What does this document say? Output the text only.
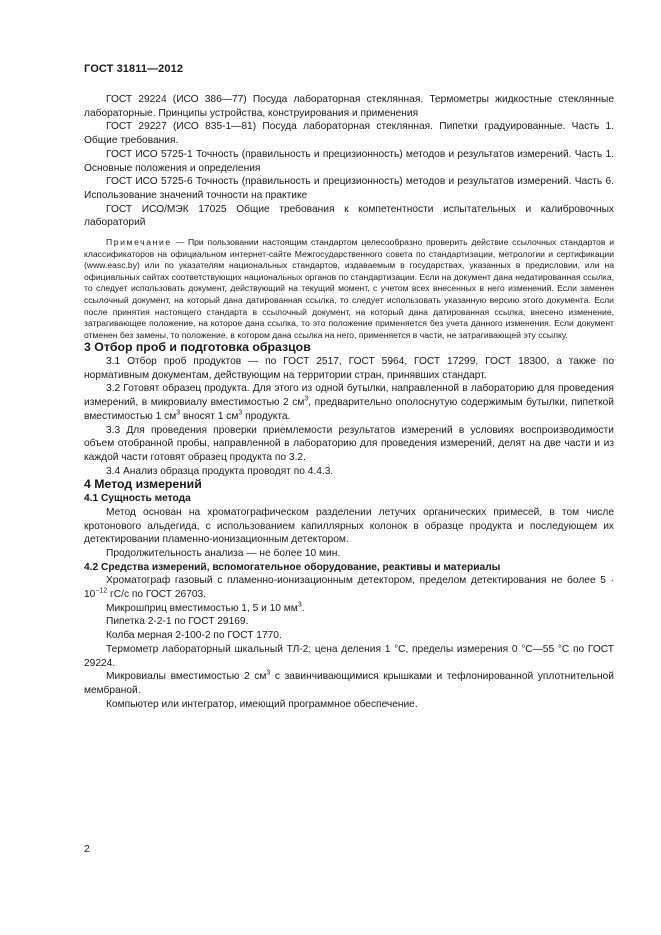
ГОСТ 31811—2012

ГОСТ 29224 (ИСО 386—77) Посуда лабораторная стеклянная. Термометры жидкостные стеклянные лабораторные. Принципы устройства, конструирования и применения

ГОСТ 29227 (ИСО 835-1—81) Посуда лабораторная стеклянная. Пипетки градуированные. Часть 1. Общие требования.

ГОСТ ИСО 5725-1 Точность (правильность и прецизионность) методов и результатов измерений. Часть 1. Основные положения и определения

ГОСТ ИСО 5725-6 Точность (правильность и прецизионность) методов и результатов измерений. Часть 6. Использование значений точности на практике

ГОСТ ИСО/МЭК 17025 Общие требования к компетентности испытательных и калибровочных лабораторий

Примечание — При пользовании настоящим стандартом целесообразно проверить действие ссылочных стандартов и классификаторов на официальном интернет-сайте Межгосударственного совета по стандартизации, метрологии и сертификации (www.easc.by) или по указателям национальных стандартов, издаваемым в государствах, указанных в предисловии, или на официальных сайтах соответствующих национальных органов по стандартизации. Если на документ дана недатированная ссылка, то следует использовать документ, действующий на текущий момент, с учетом всех внесенных в него изменений. Если заменен ссылочный документ, на который дана датированная ссылка, то следует использовать указанную версию этого документа. Если после принятия настоящего стандарта в ссылочный документ, на который дана датированная ссылка, внесено изменение, затрагивающее положение, на которое дана ссылка, то это положение применяется без учета данного изменения. Если документ отменен без замены, то положение, в котором дана ссылка на него, применяется в части, не затрагивающей эту ссылку.

3 Отбор проб и подготовка образцов

3.1 Отбор проб продуктов — по ГОСТ 2517, ГОСТ 5964, ГОСТ 17299, ГОСТ 18300, а также по нормативным документам, действующим на территории стран, принявших стандарт.

3.2 Готовят образец продукта. Для этого из одной бутылки, направленной в лабораторию для проведения измерений, в микровиалу вместимостью 2 $см^3$, предварительно ополоснутую содержимым бутылки, пипеткой вместимостью 1 $см^3$ вносят 1 $см^3$ продукта.

3.3 Для проведения проверки приемлемости результатов измерений в условиях воспроизводимости объем отобранной пробы, направленной в лабораторию для проведения измерений, делят на две части и из каждой части готовят образец продукта по 3.2.

3.4 Анализ образца продукта проводят по 4.4.3.

4 Метод измерений

4.1 Сущность метода

Метод основан на хроматографическом разделении летучих органических примесей, в том числе кротонового альдегида, с использованием капиллярных колонок в образце продукта и последующем их детектировании пламенно-ионизационным детектором.

Продолжительность анализа — не более 10 мин.

4.2 Средства измерений, вспомогательное оборудование, реактивы и материалы

Хроматограф газовый с пламенно-ионизационным детектором, пределом детектирования не более $5 \cdot 10^{-12}$ гС/с по ГОСТ 26703.

Микрошприц вместимостью 1, 5 и 10 $мм^3$.

Пипетка 2-2-1 по ГОСТ 29169.

Колба мерная 2-100-2 по ГОСТ 1770.

Термометр лабораторный шкальный ТЛ-2; цена деления 1 °С, пределы измерения 0 °С—55 °С по ГОСТ 29224.

Микровиалы вместимостью 2 $см^3$ с завинчивающимися крышками и тефлонированной уплотнительной мембраной.

Компьютер или интегратор, имеющий программное обеспечение.

2
